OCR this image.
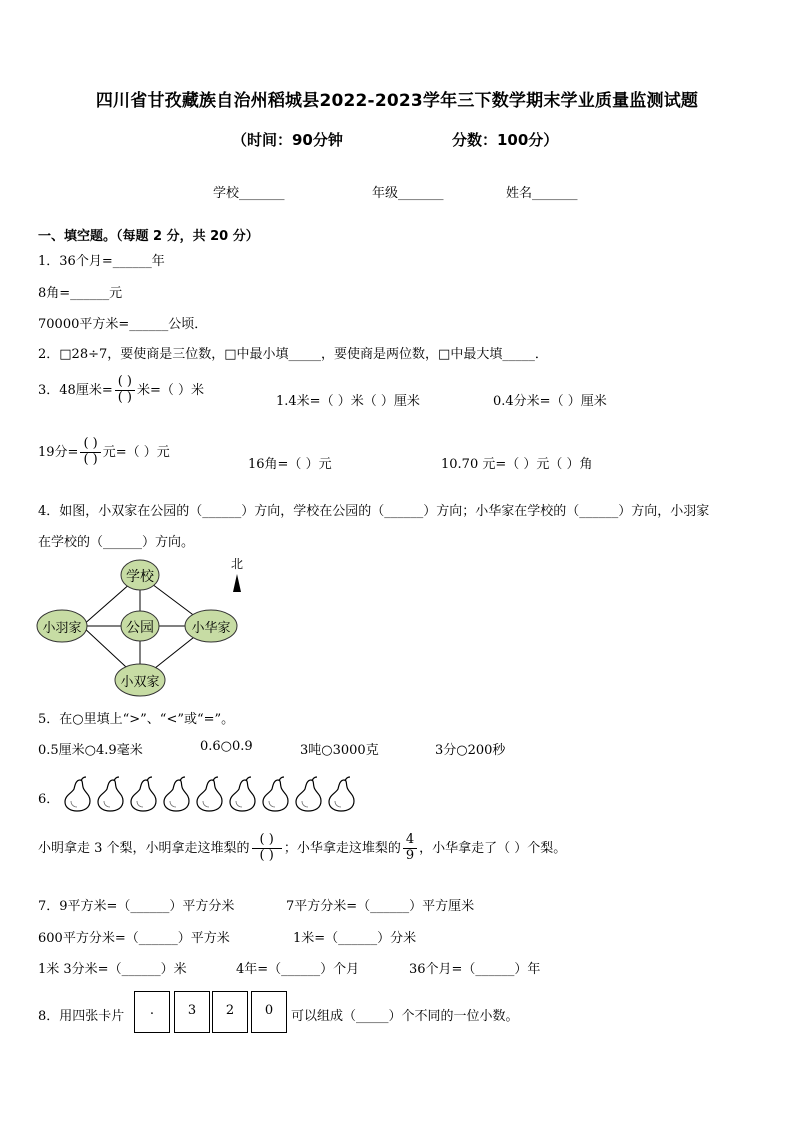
四川省甘孜藏族自治州稻城县2022-2023学年三下数学期末学业质量监测试题
（时间：90分钟	分数：100分）
学校_______	年级_______	姓名_______
一、填空题。（每题 2 分，共 20 分）
1．36个月=______年
8角=______元
70000平方米=______公顷．
2．□28÷7，要使商是三位数，□中最小填_____，要使商是两位数，□中最大填_____．
3．48厘米= $\frac{( )}{( )}$ 米=（ ）米
1.4米=（ ）米（ ）厘米	0.4分米=（ ）厘米
19分= $\frac{( )}{( )}$ 元=（ ）元
16角=（ ）元	10.70 元=（ ）元（ ）角
4．如图，小双家在公园的（______）方向，学校在公园的（______）方向；小华家在学校的（______）方向，小羽家
在学校的（______）方向。
学校
公园
小羽家	小华家
小双家
北
5．在○里填上“>”、“<”或“=”。
0.5厘米○4.9毫米	0.6○0.9	3吨○3000克	3分○200秒
6．
小明拿走 3 个梨，小明拿走这堆梨的 $\frac{( )}{( )}$ ；小华拿走这堆梨的 $\frac{4}{9}$ ，小华拿走了（ ）个梨。
7．9平方米=（______）平方分米	7平方分米=（______）平方厘米
600平方分米=（______）平方米	1米=（______）分米
1米 3分米=（______）米	4年=（______）个月	36个月=（______）年
8．用四张卡片	.	3	2	0	可以组成（_____）个不同的一位小数。
